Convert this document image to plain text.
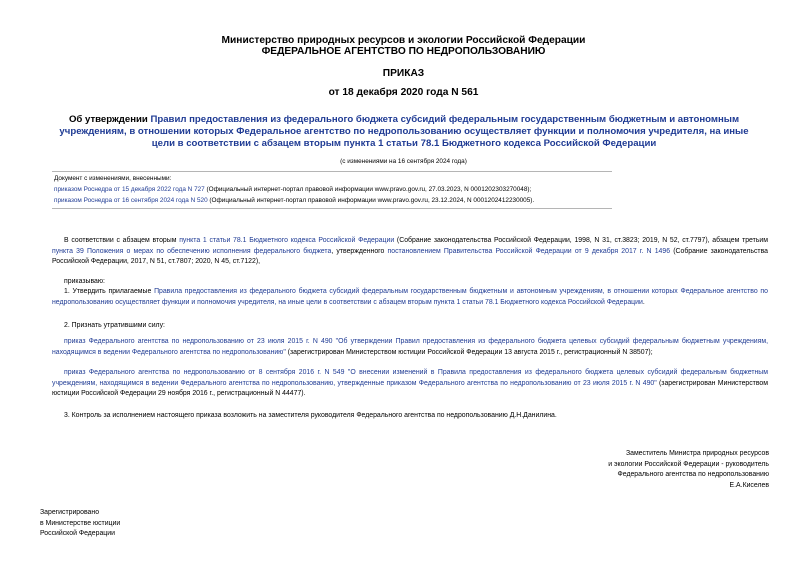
Министерство природных ресурсов и экологии Российской Федерации
ФЕДЕРАЛЬНОЕ АГЕНТСТВО ПО НЕДРОПОЛЬЗОВАНИЮ
ПРИКАЗ
от 18 декабря 2020 года N 561
Об утверждении Правил предоставления из федерального бюджета субсидий федеральным государственным бюджетным и автономным учреждениям, в отношении которых Федеральное агентство по недропользованию осуществляет функции и полномочия учредителя, на иные цели в соответствии с абзацем вторым пункта 1 статьи 78.1 Бюджетного кодекса Российской Федерации
(с изменениями на 16 сентября 2024 года)
Документ с изменениями, внесенными:
приказом Роснедра от 15 декабря 2022 года N 727 (Официальный интернет-портал правовой информации www.pravo.gov.ru, 27.03.2023, N 0001202303270048);
приказом Роснедра от 16 сентября 2024 года N 520 (Официальный интернет-портал правовой информации www.pravo.gov.ru, 23.12.2024, N 0001202412230005).
В соответствии с абзацем вторым пункта 1 статьи 78.1 Бюджетного кодекса Российской Федерации (Собрание законодательства Российской Федерации, 1998, N 31, ст.3823; 2019, N 52, ст.7797), абзацем третьим пункта 39 Положения о мерах по обеспечению исполнения федерального бюджета, утвержденного постановлением Правительства Российской Федерации от 9 декабря 2017 г. N 1496 (Собрание законодательства Российской Федерации, 2017, N 51, ст.7807; 2020, N 45, ст.7122),
приказываю:
1. Утвердить прилагаемые Правила предоставления из федерального бюджета субсидий федеральным государственным бюджетным и автономным учреждениям, в отношении которых Федеральное агентство по недропользованию осуществляет функции и полномочия учредителя, на иные цели в соответствии с абзацем вторым пункта 1 статьи 78.1 Бюджетного кодекса Российской Федерации.
2. Признать утратившими силу:
приказ Федерального агентства по недропользованию от 23 июля 2015 г. N 490 "Об утверждении Правил предоставления из федерального бюджета целевых субсидий федеральным бюджетным учреждениям, находящимся в ведении Федерального агентства по недропользованию" (зарегистрирован Министерством юстиции Российской Федерации 13 августа 2015 г., регистрационный N 38507);
приказ Федерального агентства по недропользованию от 8 сентября 2016 г. N 549 "О внесении изменений в Правила предоставления из федерального бюджета целевых субсидий федеральным бюджетным учреждениям, находящимся в ведении Федерального агентства по недропользованию, утвержденные приказом Федерального агентства по недропользованию от 23 июля 2015 г. N 490" (зарегистрирован Министерством юстиции Российской Федерации 29 ноября 2016 г., регистрационный N 44477).
3. Контроль за исполнением настоящего приказа возложить на заместителя руководителя Федерального агентства по недропользованию Д.Н.Данилина.
Заместитель Министра природных ресурсов
и экологии Российской Федерации - руководитель
Федерального агентства по недропользованию
Е.А.Киселев
Зарегистрировано
в Министерстве юстиции
Российской Федерации
